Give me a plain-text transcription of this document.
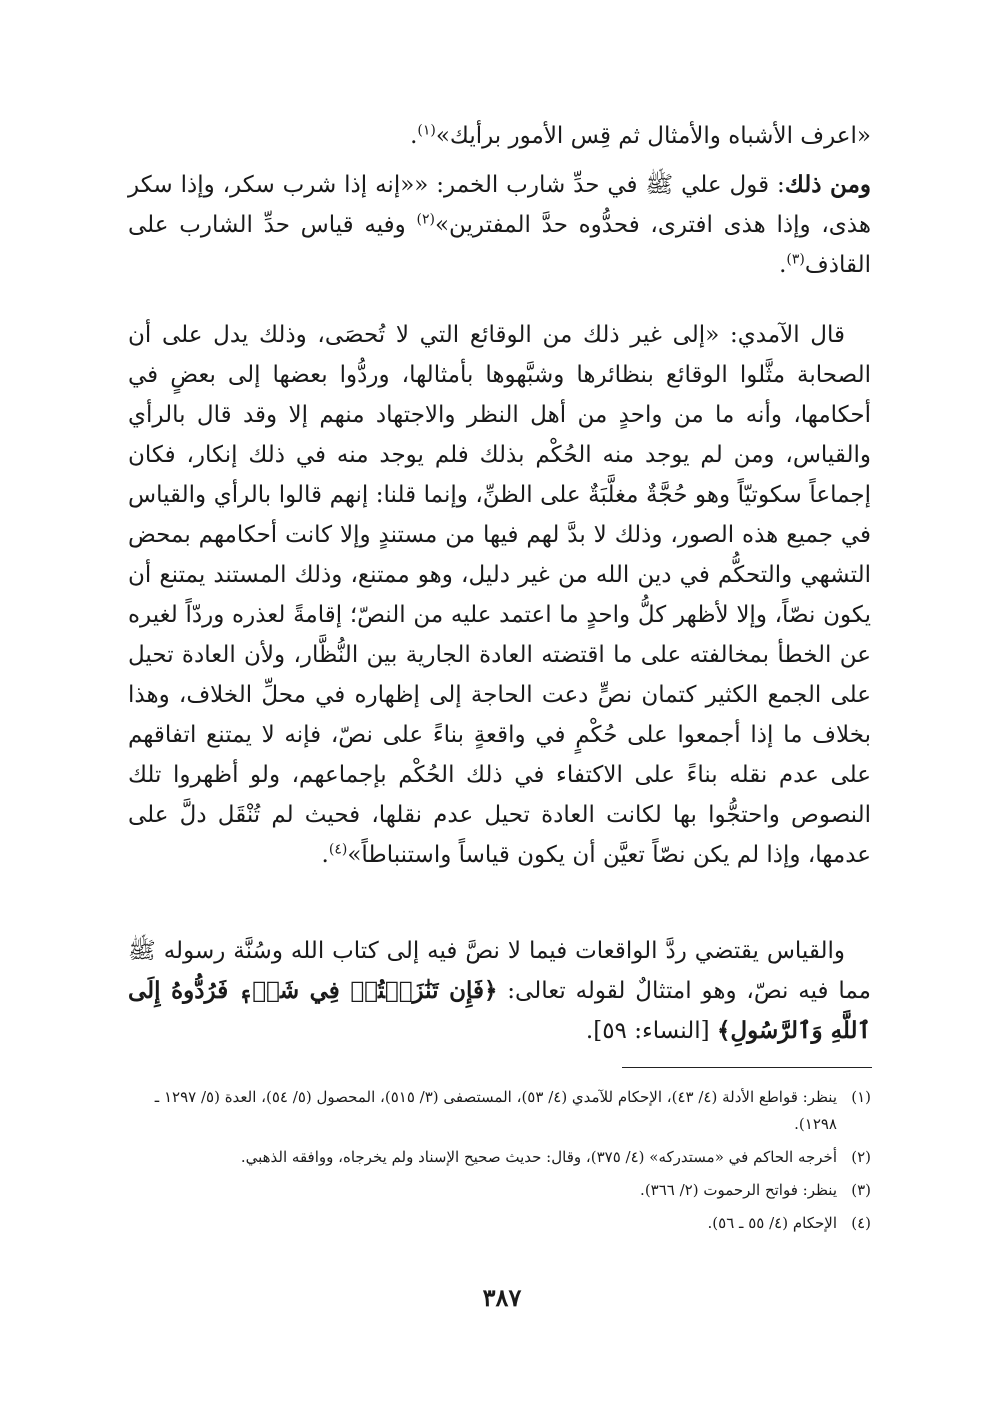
«اعرف الأشباه والأمثال ثم قِس الأمور برأيك»$^{(١)}$.

ومن ذلك: قول علي ﷺ في حدِّ شارب الخمر: ««إنه إذا شرب سكر، وإذا سكر هذى، وإذا هذى افترى، فحدُّوه حدَّ المفترين»$^{(٢)}$ وفيه قياس حدِّ الشارب على القاذف$^{(٣)}$.

قال الآمدي: «إلى غير ذلك من الوقائع التي لا تُحصَى، وذلك يدل على أن الصحابة مثَّلوا الوقائع بنظائرها وشبَّهوها بأمثالها، وردُّوا بعضها إلى بعضٍ في أحكامها، وأنه ما من واحدٍ من أهل النظر والاجتهاد منهم إلا وقد قال بالرأي والقياس، ومن لم يوجد منه الحُكْم بذلك فلم يوجد منه في ذلك إنكار، فكان إجماعاً سكوتيّاً وهو حُجَّةٌ مغلَّبَةٌ على الظنِّ، وإنما قلنا: إنهم قالوا بالرأي والقياس في جميع هذه الصور، وذلك لا بدَّ لهم فيها من مستندٍ وإلا كانت أحكامهم بمحض التشهي والتحكُّم في دين الله من غير دليل، وهو ممتنع، وذلك المستند يمتنع أن يكون نصّاً، وإلا لأظهر كلُّ واحدٍ ما اعتمد عليه من النصّ؛ إقامةً لعذره وردّاً لغيره عن الخطأ بمخالفته على ما اقتضته العادة الجارية بين النُّظَّار، ولأن العادة تحيل على الجمع الكثير كتمان نصٍّ دعت الحاجة إلى إظهاره في محلِّ الخلاف، وهذا بخلاف ما إذا أجمعوا على حُكْمٍ في واقعةٍ بناءً على نصّ، فإنه لا يمتنع اتفاقهم على عدم نقله بناءً على الاكتفاء في ذلك الحُكْم بإجماعهم، ولو أظهروا تلك النصوص واحتجُّوا بها لكانت العادة تحيل عدم نقلها، فحيث لم تُنْقَل دلَّ على عدمها، وإذا لم يكن نصّاً تعيَّن أن يكون قياساً واستنباطاً»$^{(٤)}$.

والقياس يقتضي ردَّ الواقعات فيما لا نصَّ فيه إلى كتاب الله وسُنَّة رسوله ﷺ مما فيه نصّ، وهو امتثالٌ لقوله تعالى: ﴿فَإِن تَنَٰزَعۡتُمۡ فِي شَيۡءٖ فَرُدُّوهُ إِلَى ٱللَّهِ وَٱلرَّسُولِ﴾ [النساء: ٥٩].

(١)
ينظر: قواطع الأدلة (٤/ ٤٣)، الإحكام للآمدي (٤/ ٥٣)، المستصفى (٣/ ٥١٥)، المحصول (٥/ ٥٤)، العدة (٥/ ١٢٩٧ ـ ١٢٩٨).
(٢)
أخرجه الحاكم في «مستدركه» (٤/ ٣٧٥)، وقال: حديث صحيح الإسناد ولم يخرجاه، ووافقه الذهبي.
(٣)
ينظر: فواتح الرحموت (٢/ ٣٦٦).
(٤)
الإحكام (٤/ ٥٥ ـ ٥٦).
٣٨٧
